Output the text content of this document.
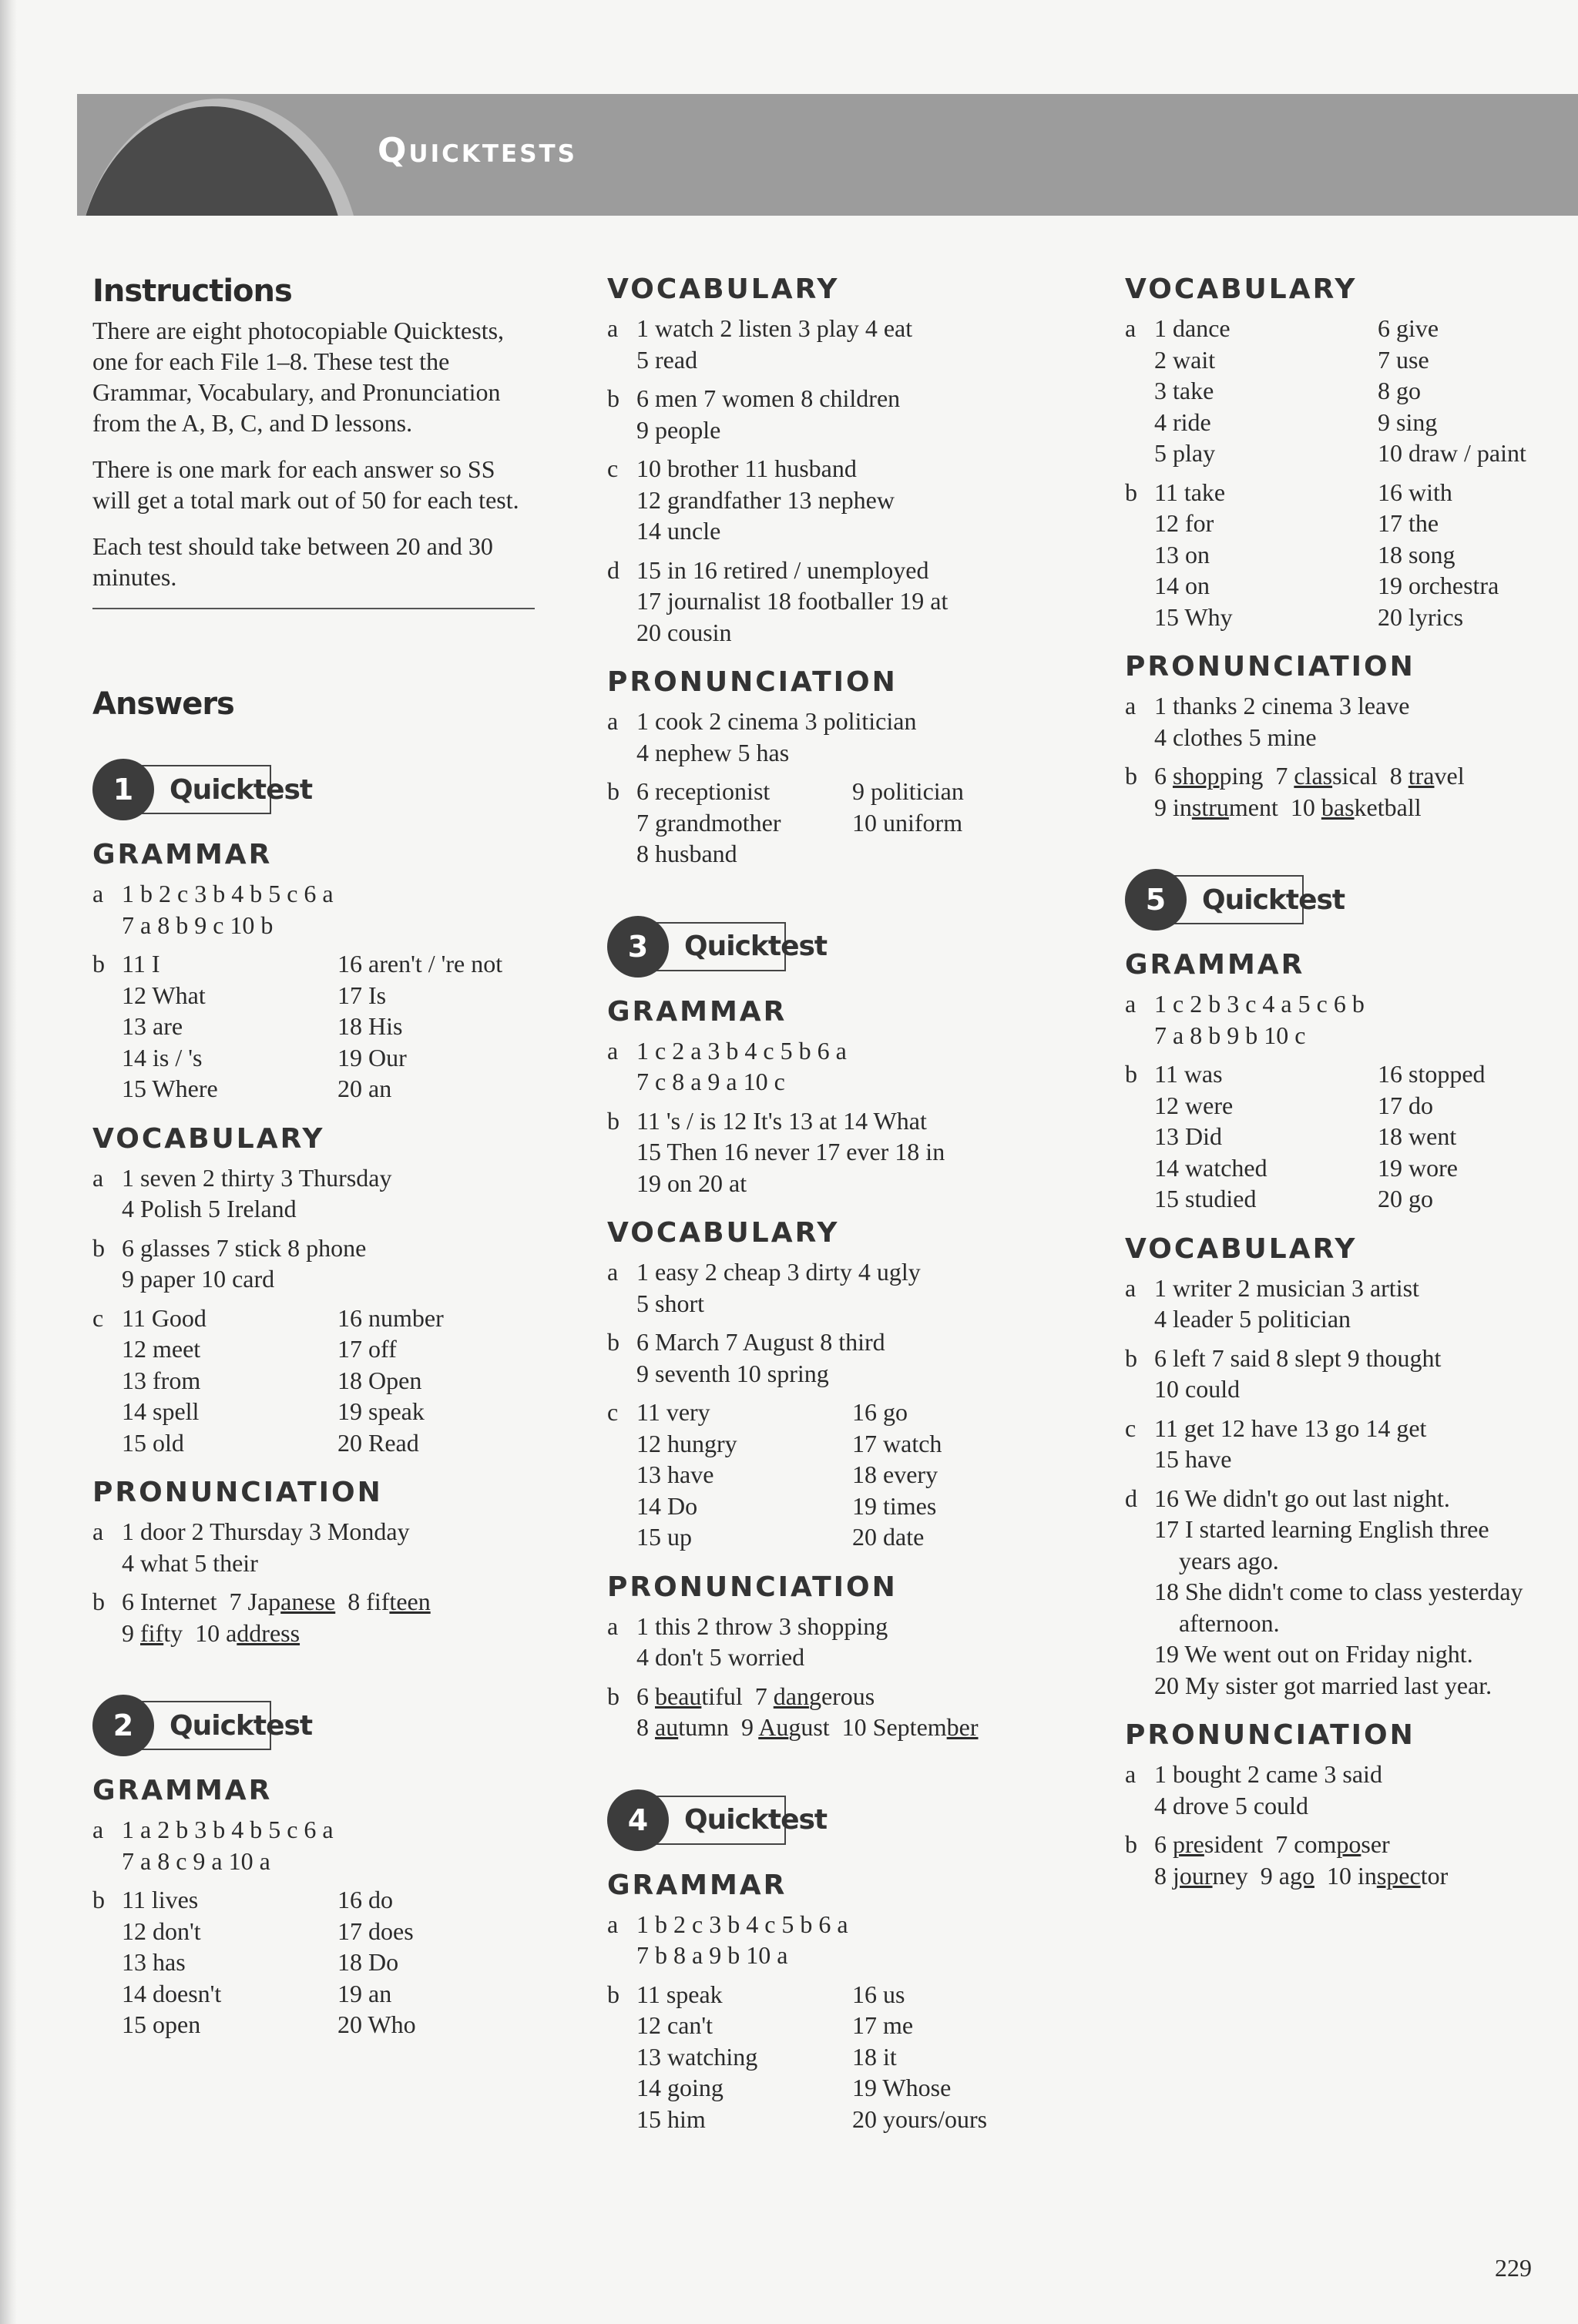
Quicktests
Instructions

There are eight photocopiable Quicktests, one for each File 1–8. These test the Grammar, Vocabulary, and Pronunciation from the A, B, C, and D lessons.

There is one mark for each answer so SS will get a total mark out of 50 for each test.

Each test should take between 20 and 30 minutes.

Answers
1	Quicktest
GRAMMAR
a 1 b 2 c 3 b 4 b 5 c 6 a
7 a 8 b 9 c 10 b
b 11 I	16 aren't / 're not
12 What	17 Is
13 are	18 His
14 is / 's	19 Our
15 Where	20 an
VOCABULARY
a 1 seven 2 thirty 3 Thursday
4 Polish 5 Ireland
b 6 glasses 7 stick 8 phone
9 paper 10 card
c 11 Good	16 number
12 meet	17 off
13 from	18 Open
14 spell	19 speak
15 old	20 Read
PRONUNCIATION
a 1 door 2 Thursday 3 Monday
4 what 5 their
b 6 Internet  7 Japanese  8 fifteen
9 fifty  10 address
2	Quicktest
GRAMMAR
a 1 a 2 b 3 b 4 b 5 c 6 a
7 a 8 c 9 a 10 a
b 11 lives	16 do
12 don't	17 does
13 has	18 Do
14 doesn't	19 an
15 open	20 Who
VOCABULARY
a 1 watch 2 listen 3 play 4 eat
5 read
b 6 men 7 women 8 children
9 people
c 10 brother 11 husband
12 grandfather 13 nephew
14 uncle
d 15 in 16 retired / unemployed
17 journalist 18 footballer 19 at
20 cousin
PRONUNCIATION
a 1 cook 2 cinema 3 politician
4 nephew 5 has
b 6 receptionist	9 politician
7 grandmother	10 uniform
8 husband
3	Quicktest
GRAMMAR
a 1 c 2 a 3 b 4 c 5 b 6 a
7 c 8 a 9 a 10 c
b 11 's / is 12 It's 13 at 14 What
15 Then 16 never 17 ever 18 in
19 on 20 at
VOCABULARY
a 1 easy 2 cheap 3 dirty 4 ugly
5 short
b 6 March 7 August 8 third
9 seventh 10 spring
c 11 very	16 go
12 hungry	17 watch
13 have	18 every
14 Do	19 times
15 up	20 date
PRONUNCIATION
a 1 this 2 throw 3 shopping
4 don't 5 worried
b 6 beautiful  7 dangerous
8 autumn  9 August  10 September
4	Quicktest
GRAMMAR
a 1 b 2 c 3 b 4 c 5 b 6 a
7 b 8 a 9 b 10 a
b 11 speak	16 us
12 can't	17 me
13 watching	18 it
14 going	19 Whose
15 him	20 yours/ours
VOCABULARY
a 1 dance	6 give
2 wait	7 use
3 take	8 go
4 ride	9 sing
5 play	10 draw / paint
b 11 take	16 with
12 for	17 the
13 on	18 song
14 on	19 orchestra
15 Why	20 lyrics
PRONUNCIATION
a 1 thanks 2 cinema 3 leave
4 clothes 5 mine
b 6 shopping  7 classical  8 travel
9 instrument  10 basketball
5	Quicktest
GRAMMAR
a 1 c 2 b 3 c 4 a 5 c 6 b
7 a 8 b 9 b 10 c
b 11 was	16 stopped
12 were	17 do
13 Did	18 went
14 watched	19 wore
15 studied	20 go
VOCABULARY
a 1 writer 2 musician 3 artist
4 leader 5 politician
b 6 left 7 said 8 slept 9 thought
10 could
c 11 get 12 have 13 go 14 get
15 have
d 16 We didn't go out last night.
17 I started learning English three
years ago.
18 She didn't come to class yesterday
afternoon.
19 We went out on Friday night.
20 My sister got married last year.
PRONUNCIATION
a 1 bought 2 came 3 said
4 drove 5 could
b 6 president  7 composer
8 journey  9 ago  10 inspector
229
